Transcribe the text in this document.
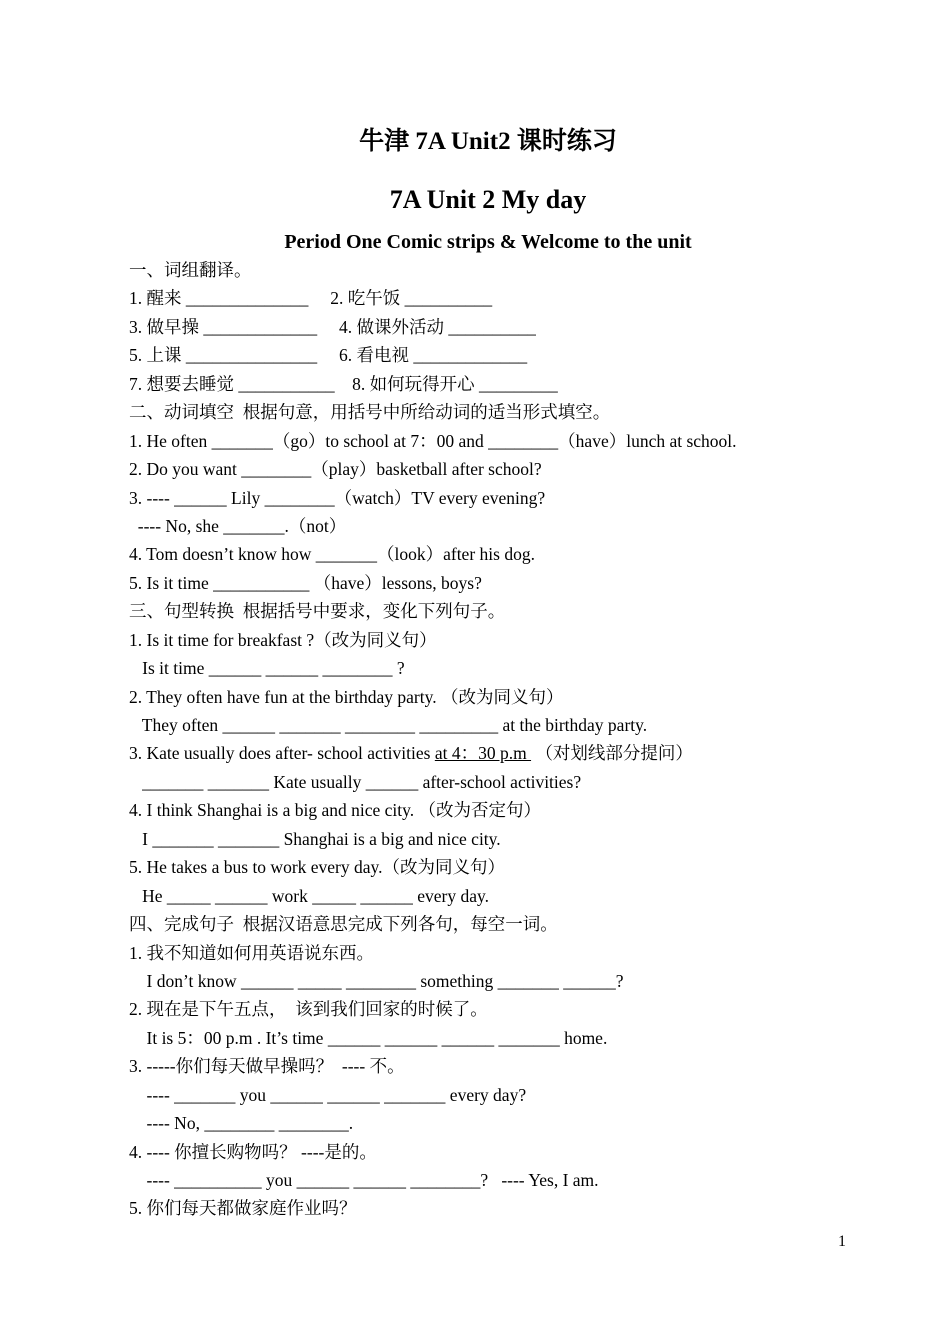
牛津 7A Unit2 课时练习
7A Unit 2 My day
Period One Comic strips & Welcome to the unit
一、词组翻译。
1. 醒来 ______________     2. 吃午饭 __________
3. 做早操 _____________     4. 做课外活动 __________
5. 上课 _______________     6. 看电视 _____________
7. 想要去睡觉 ___________    8. 如何玩得开心 _________
二、动词填空  根据句意，用括号中所给动词的适当形式填空。
1. He often _______（go）to school at 7：00 and ________（have）lunch at school.
2. Do you want ________（play）basketball after school?
3. ---- ______ Lily ________（watch）TV every evening?
---- No, she _______.（not）
4. Tom doesn’t know how _______（look）after his dog.
5. Is it time ___________ （have）lessons, boys?
三、句型转换  根据括号中要求，变化下列句子。
1. Is it time for breakfast ?（改为同义句）
Is it time ______ ______ ________ ?
2. They often have fun at the birthday party. （改为同义句）
They often ______ _______ ________ _________ at the birthday party.
3. Kate usually does after- school activities at 4：30 p.m  （对划线部分提问）
_______ _______ Kate usually ______ after-school activities?
4. I think Shanghai is a big and nice city. （改为否定句）
I _______ _______ Shanghai is a big and nice city.
5. He takes a bus to work every day.（改为同义句）
He _____ ______ work _____ ______ every day.
四、完成句子  根据汉语意思完成下列各句，每空一词。
1. 我不知道如何用英语说东西。
I don’t know ______ _____ ________ something _______ ______?
2. 现在是下午五点，  该到我们回家的时候了。
It is 5：00 p.m . It’s time ______ ______ ______ _______ home.
3. -----你们每天做早操吗？  ---- 不。
---- _______ you ______ ______ _______ every day?
---- No, ________ ________.
4. ---- 你擅长购物吗？ ----是的。
---- __________ you ______ ______ ________?   ---- Yes, I am.
5. 你们每天都做家庭作业吗？
1
